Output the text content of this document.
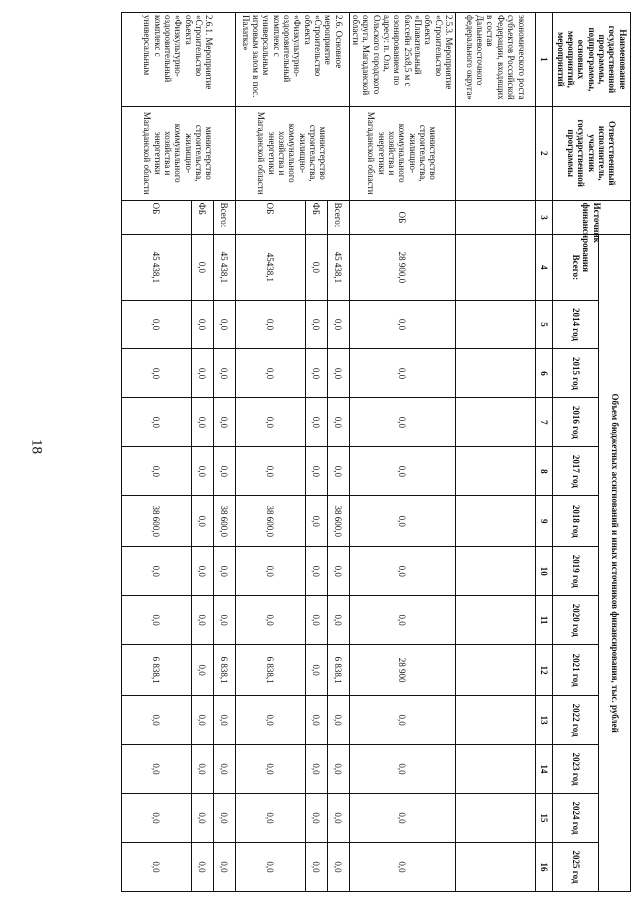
18
Наименование государственной программы, подпрограммы, основных мероприятий, мероприятий	Ответственный исполнитель, участник государственной программы	Источник финансирования	Объем бюджетных ассигнований и иных источников финансирования, тыс. рублей												
			Всего:	2014 год	2015 год	2016 год	2017 год	2018 год	2019 год	2020 год	2021 год	2022 год	2023 год	2024 год	2025 год
1	2	3	4	5	6	7	8	9	10	11	12	13	14	15	16
экономического роста субъектов Российской Федерации, входящих в состав Дальневосточного федерального округа»															
2.5.3. Мероприятие «Строительство объекта «Плавательный бассейн 25х8,5 м с озонированием по адресу: п. Ола, Ольского городского округа, Магаданской области	министерство строительства, жилищно-коммунального хозяйства и энергетики Магаданской области	ОБ	28 900,0	0,0	0,0	0,0	0,0	0,0	0,0	0,0	28 900	0,0	0,0	0,0	0,0
2.6. Основное мероприятие «Строительство объекта «Физкультурно-оздоровительный комплекс с универсальным игровым залом в пос. Палатка»	министерство строительства, жилищно-коммунального хозяйства и энергетики Магаданской области	Всего:	45 438,1	0,0	0,0	0,0	0,0	38 600,0	0,0	0,0	6 838,1	0,0	0,0	0,0	0,0
		ФБ	0,0	0,0	0,0	0,0	0,0	0,0	0,0	0,0	0,0	0,0	0,0	0,0	0,0
		ОБ	45438,1	0,0	0,0	0,0	0,0	38 600,0	0,0	0,0	6 838,1	0,0	0,0	0,0	0,0
2.6.1. Мероприятие «Строительство объекта «Физкультурно-оздоровительный комплекс с универсальным	министерство строительства, жилищно-коммунального хозяйства и энергетики Магаданской области	Всего:	45 438,1	0,0	0,0	0,0	0,0	38 600,0	0,0	0,0	6 838,1	0,0	0,0	0,0	0,0
		ФБ	0,0	0,0	0,0	0,0	0,0	0,0	0,0	0,0	0,0	0,0	0,0	0,0	0,0
		ОБ	45 438,1	0,0	0,0	0,0	0,0	38 600,0	0,0	0,0	6 838,1	0,0	0,0	0,0	0,0
